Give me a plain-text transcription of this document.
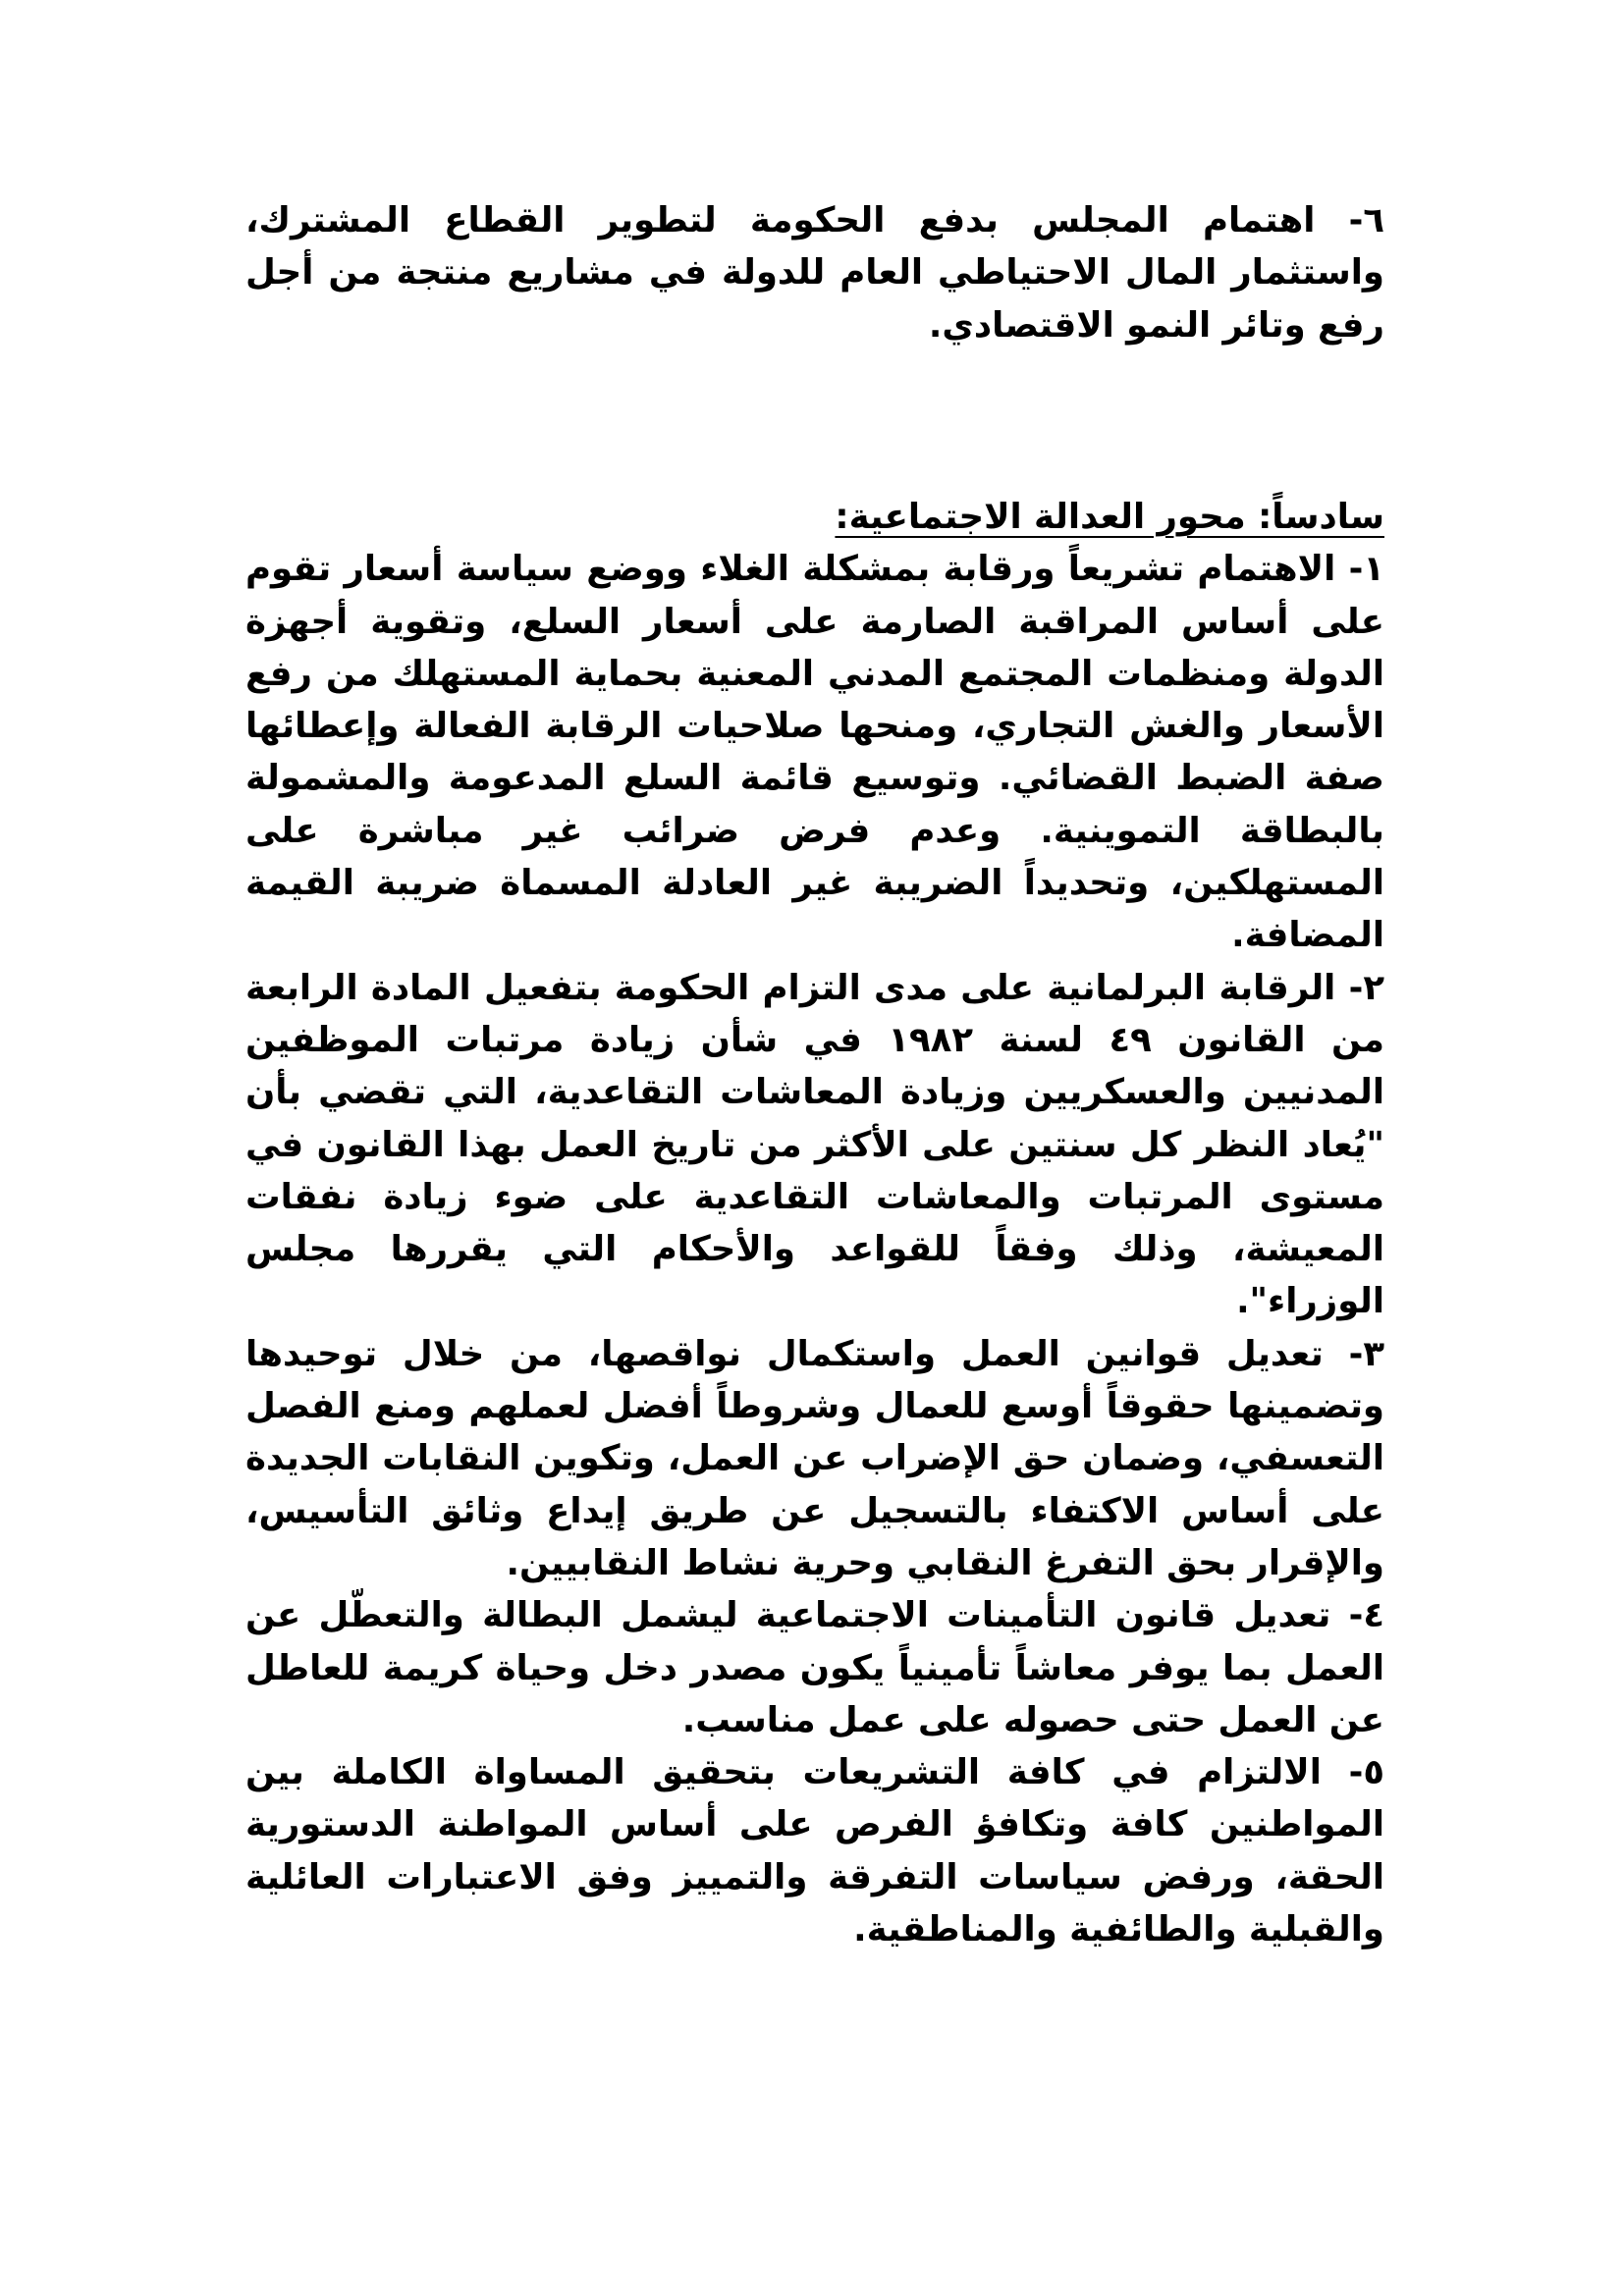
٦- اهتمام المجلس بدفع الحكومة لتطوير القطاع المشترك، واستثمار المال الاحتياطي العام للدولة في مشاريع منتجة من أجل رفع وتائر النمو الاقتصادي.

سادساً: محور العدالة الاجتماعية:

١- الاهتمام تشريعاً ورقابة بمشكلة الغلاء ووضع سياسة أسعار تقوم على أساس المراقبة الصارمة على أسعار السلع، وتقوية أجهزة الدولة ومنظمات المجتمع المدني المعنية بحماية المستهلك من رفع الأسعار والغش التجاري، ومنحها صلاحيات الرقابة الفعالة وإعطائها صفة الضبط القضائي. وتوسيع قائمة السلع المدعومة والمشمولة بالبطاقة التموينية. وعدم فرض ضرائب غير مباشرة على المستهلكين، وتحديداً الضريبة غير العادلة المسماة ضريبة القيمة المضافة.

٢- الرقابة البرلمانية على مدى التزام الحكومة بتفعيل المادة الرابعة من القانون ٤٩ لسنة ١٩٨٢ في شأن زيادة مرتبات الموظفين المدنيين والعسكريين وزيادة المعاشات التقاعدية، التي تقضي بأن "يُعاد النظر كل سنتين على الأكثر من تاريخ العمل بهذا القانون في مستوى المرتبات والمعاشات التقاعدية على ضوء زيادة نفقات المعيشة، وذلك وفقاً للقواعد والأحكام التي يقررها مجلس الوزراء".

٣- تعديل قوانين العمل واستكمال نواقصها، من خلال توحيدها وتضمينها حقوقاً أوسع للعمال وشروطاً أفضل لعملهم ومنع الفصل التعسفي، وضمان حق الإضراب عن العمل، وتكوين النقابات الجديدة على أساس الاكتفاء بالتسجيل عن طريق إيداع وثائق التأسيس، والإقرار بحق التفرغ النقابي وحرية نشاط النقابيين.

٤- تعديل قانون التأمينات الاجتماعية ليشمل البطالة والتعطّل عن العمل بما يوفر معاشاً تأمينياً يكون مصدر دخل وحياة كريمة للعاطل عن العمل حتى حصوله على عمل مناسب.

٥- الالتزام في كافة التشريعات بتحقيق المساواة الكاملة بين المواطنين كافة وتكافؤ الفرص على أساس المواطنة الدستورية الحقة، ورفض سياسات التفرقة والتمييز وفق الاعتبارات العائلية والقبلية والطائفية والمناطقية.
